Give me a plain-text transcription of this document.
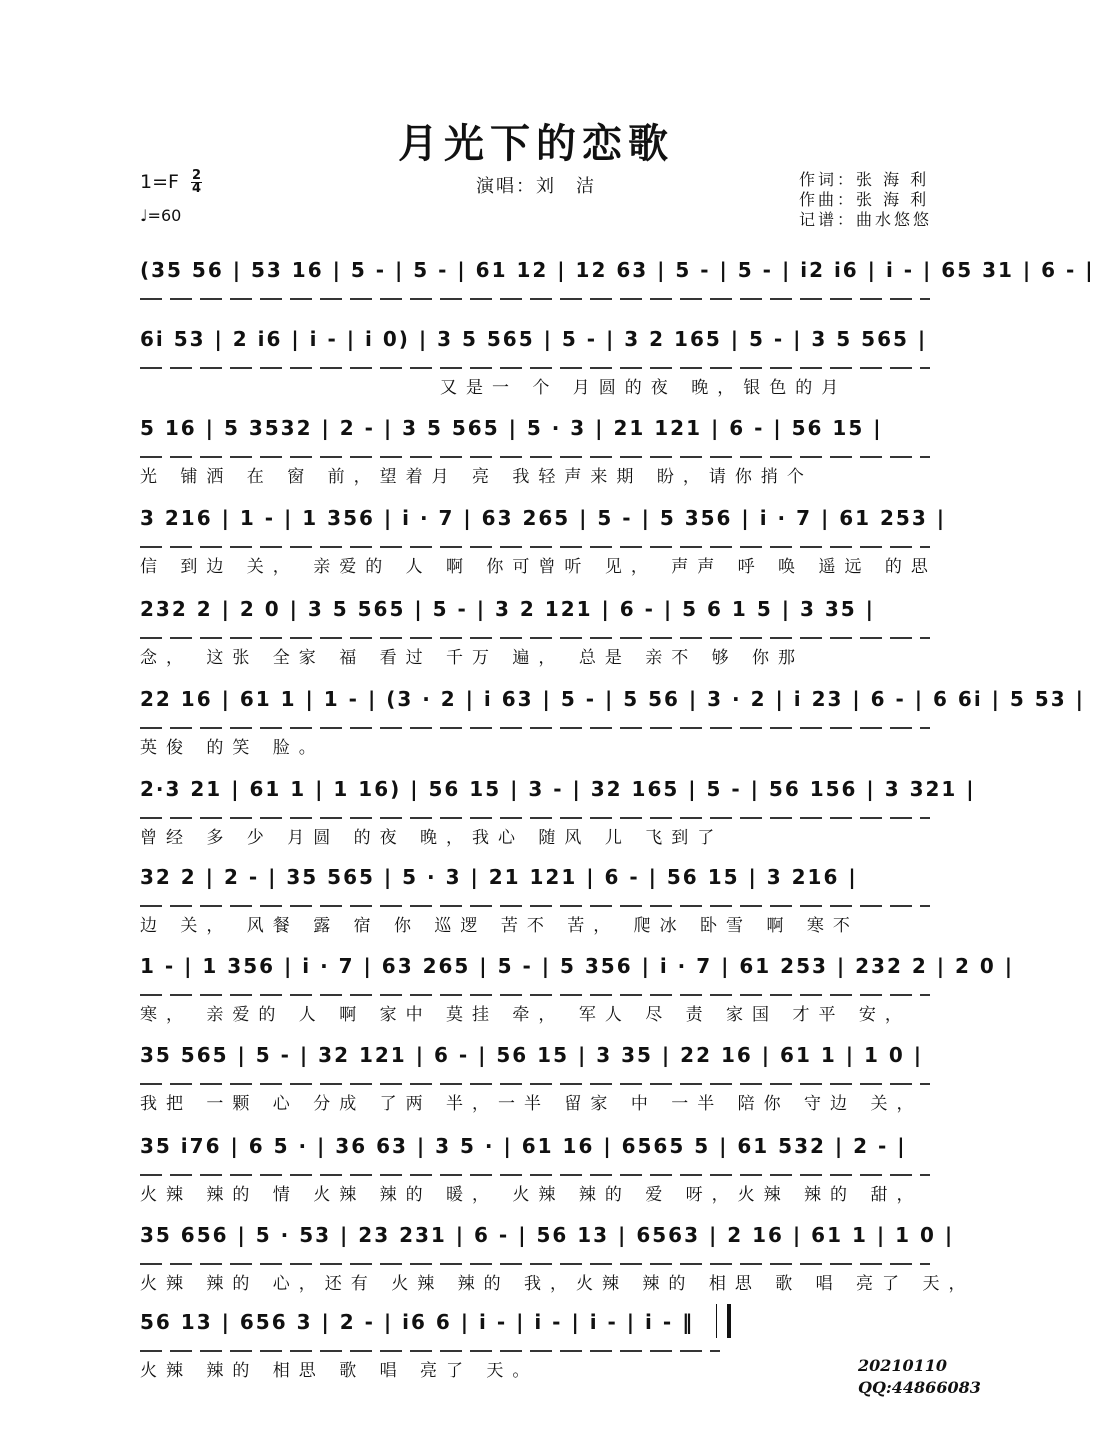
月光下的恋歌
$1=F \frac{2}{4}$
♩=60
演唱：刘　洁	作词：张 海 利
作曲：张 海 利
记谱：曲水悠悠
(35 56 | 53 16 | 5 - | 5 - | 61 12 | 12 63 | 5 - | 5 - | i2 i6 | i - | 65 31 | 6 - |
6i 53 | 2 i6 | i - | i 0) | 3 5 565 | 5 - | 3 2 165 | 5 - | 3 5 565 |
又是一 个 月圆的夜 晚，银色的月
5 16 | 5 3532 | 2 - | 3 5 565 | 5 · 3 | 21 121 | 6 - | 56 15 |
光 铺洒 在 窗 前，望着月 亮 我轻声来期 盼，请你捎个
3 216 | 1 - | 1 356 | i · 7 | 63 265 | 5 - | 5 356 | i · 7 | 61 253 |
信 到边 关， 亲爱的 人 啊 你可曾听 见， 声声 呼 唤 遥远 的思
232 2 | 2 0 | 3 5 565 | 5 - | 3 2 121 | 6 - | 5 6 1 5 | 3 35 |
念， 这张 全家 福 看过 千万 遍， 总是 亲不 够 你那
22 16 | 61 1 | 1 - | (3 · 2 | i 63 | 5 - | 5 56 | 3 · 2 | i 23 | 6 - | 6 6i | 5 53 |
英俊 的笑 脸。
2·3 21 | 61 1 | 1 16) | 56 15 | 3 - | 32 165 | 5 - | 56 156 | 3 321 |
曾经 多 少 月圆 的夜 晚，我心 随风 儿 飞到了
32 2 | 2 - | 35 565 | 5 · 3 | 21 121 | 6 - | 56 15 | 3 216 |
边 关， 风餐 露 宿 你 巡逻 苦不 苦， 爬冰 卧雪 啊 寒不
1 - | 1 356 | i · 7 | 63 265 | 5 - | 5 356 | i · 7 | 61 253 | 232 2 | 2 0 |
寒， 亲爱的 人 啊 家中 莫挂 牵， 军人 尽 责 家国 才平 安，
35 565 | 5 - | 32 121 | 6 - | 56 15 | 3 35 | 22 16 | 61 1 | 1 0 |
我把 一颗 心 分成 了两 半，一半 留家 中 一半 陪你 守边 关，
35 i76 | 6 5 · | 36 63 | 3 5 · | 61 16 | 6565 5 | 61 532 | 2 - |
火辣 辣的 情 火辣 辣的 暖， 火辣 辣的 爱 呀，火辣 辣的 甜，
35 656 | 5 · 53 | 23 231 | 6 - | 56 13 | 6563 | 2 16 | 61 1 | 1 0 |
火辣 辣的 心，还有 火辣 辣的 我，火辣 辣的 相思 歌 唱 亮了 天，
56 13 | 656 3 | 2 - | i6 6 | i - | i - | i - | i - ‖
火辣 辣的 相思 歌 唱 亮了 天。	20210110
QQ:44866083
